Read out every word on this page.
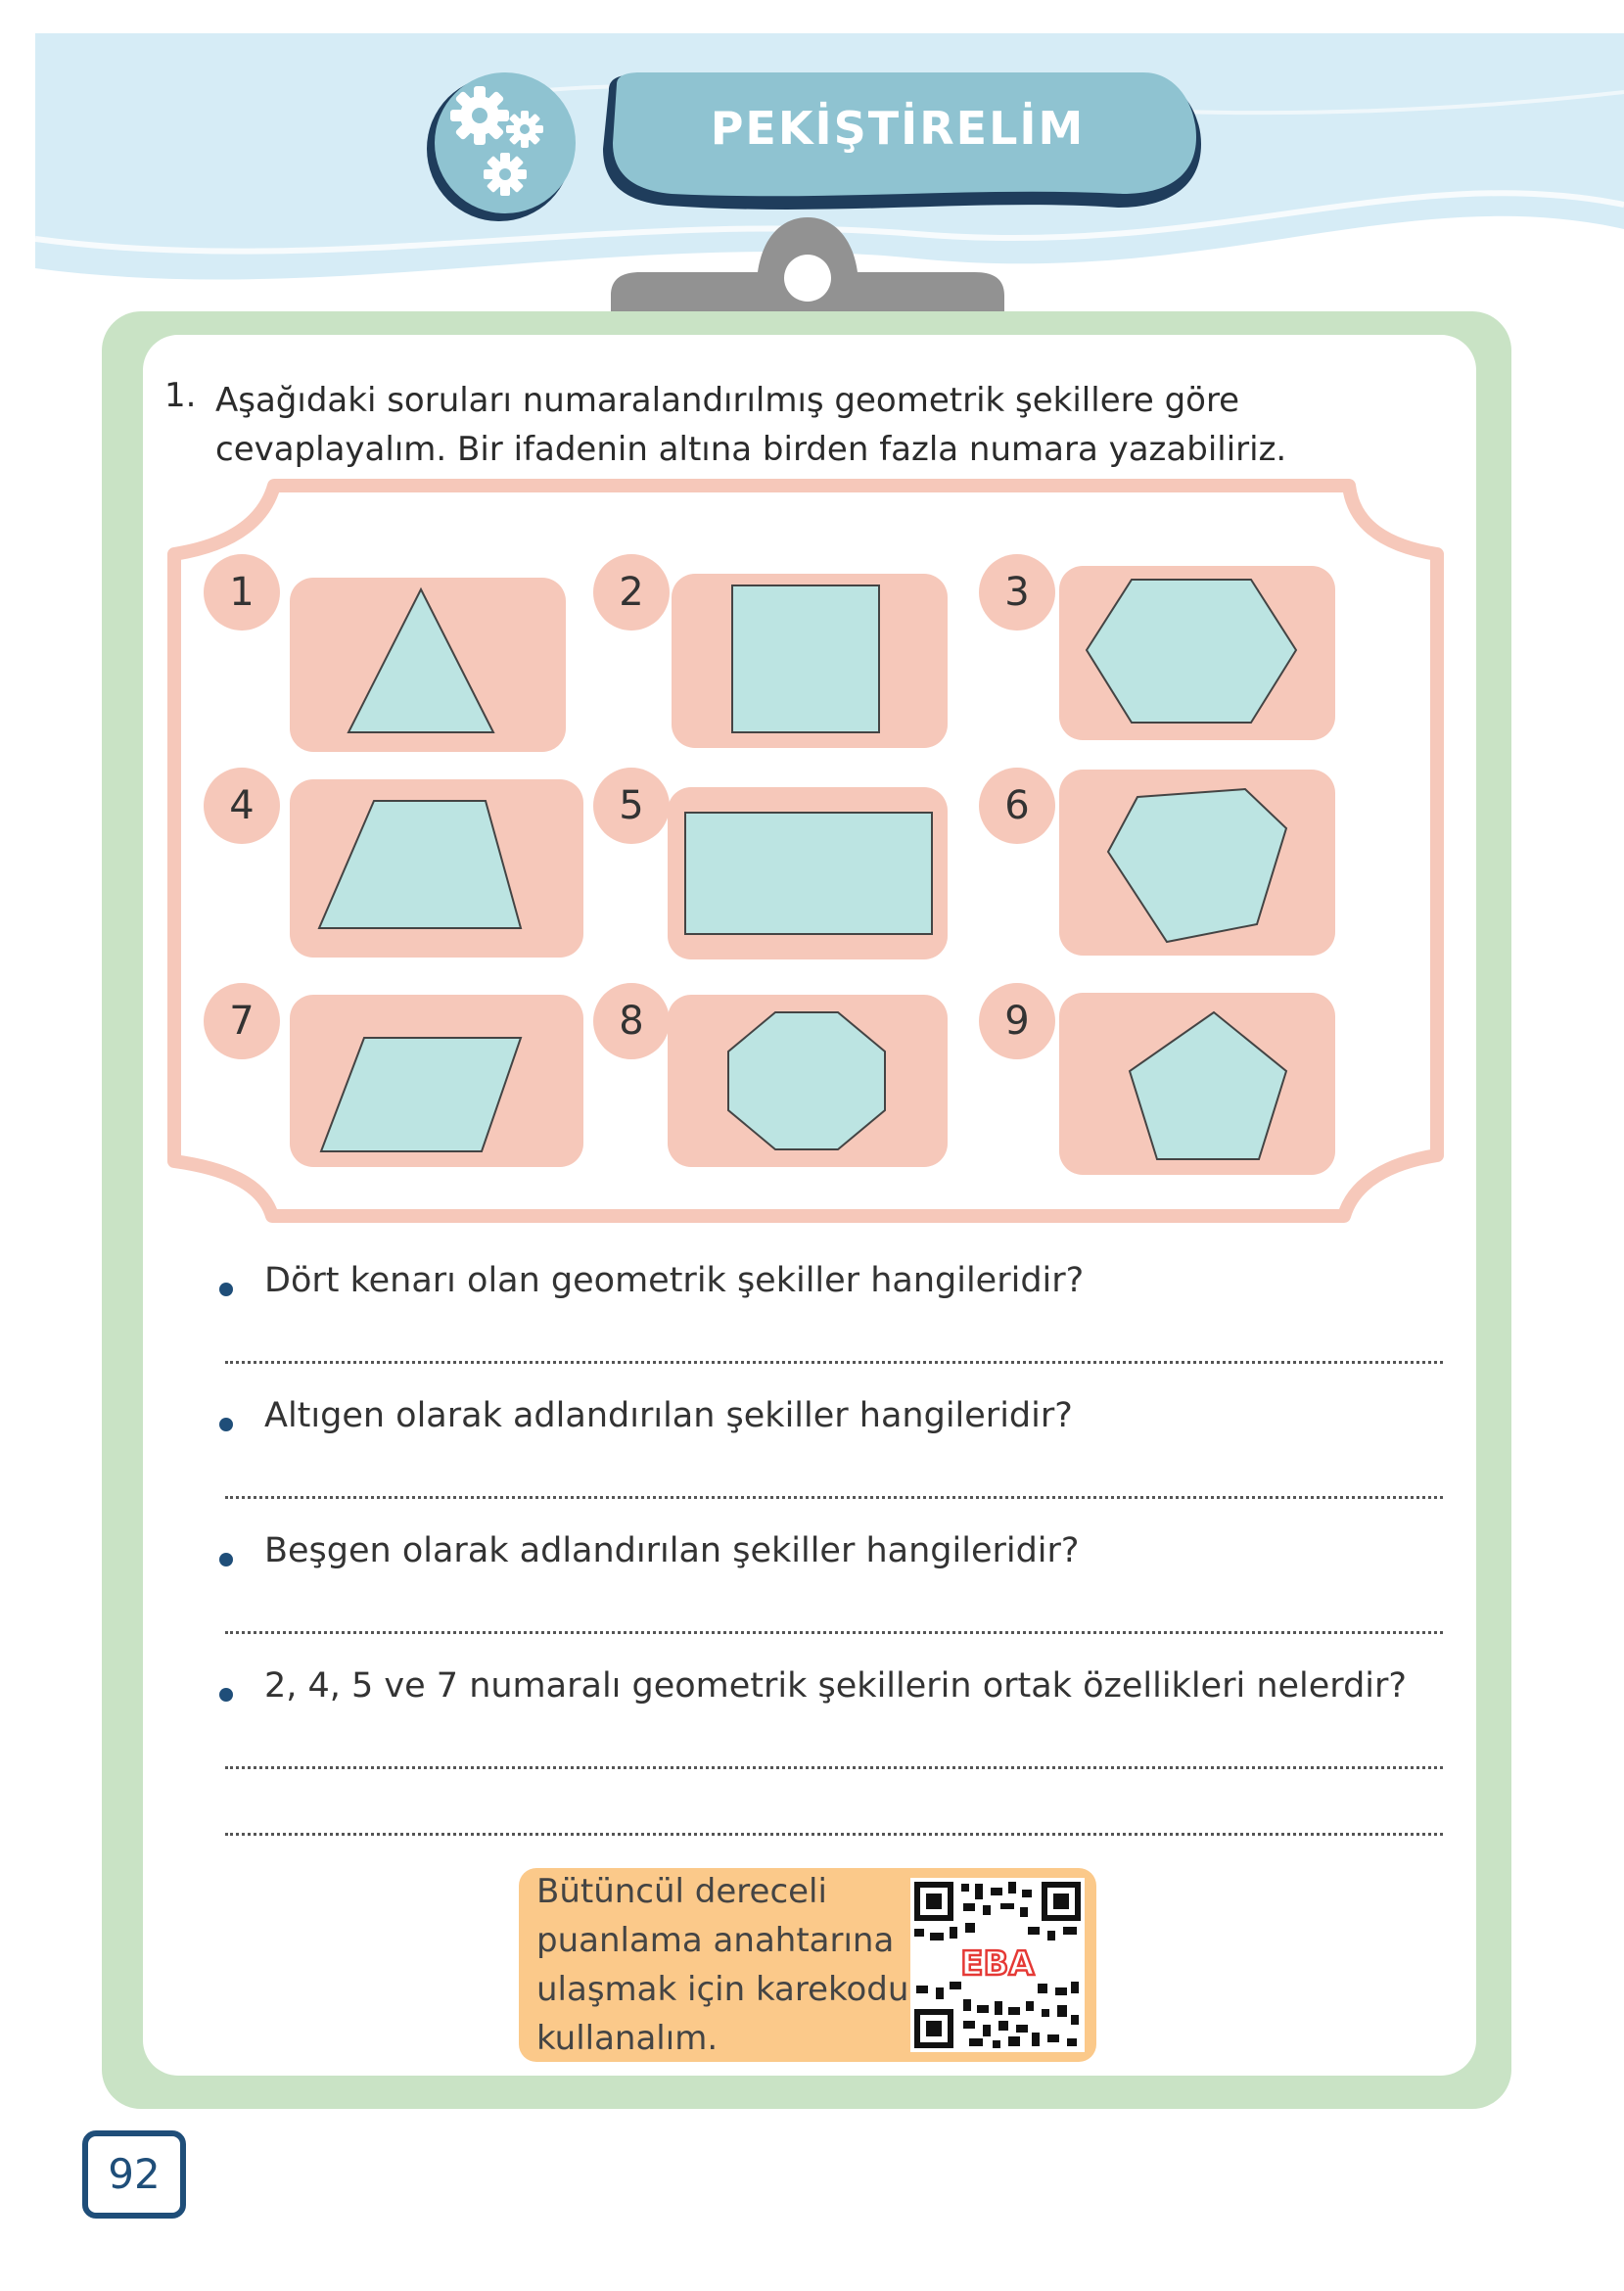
PEKİŞTİRELİM
1. Aşağıdaki soruları numaralandırılmış geometrik şekillere göre cevaplayalım. Bir ifadenin altına birden fazla numara yazabiliriz.
1	2	3
4	5	6
7	8	9
Dört kenarı olan geometrik şekiller hangileridir?
Altıgen olarak adlandırılan şekiller hangileridir?
Beşgen olarak adlandırılan şekiller hangileridir?
2, 4, 5 ve 7 numaralı geometrik şekillerin ortak özellikleri nelerdir?
Bütüncül dereceli
puanlama anahtarına
ulaşmak için karekodu
kullanalım.
EBA
92
